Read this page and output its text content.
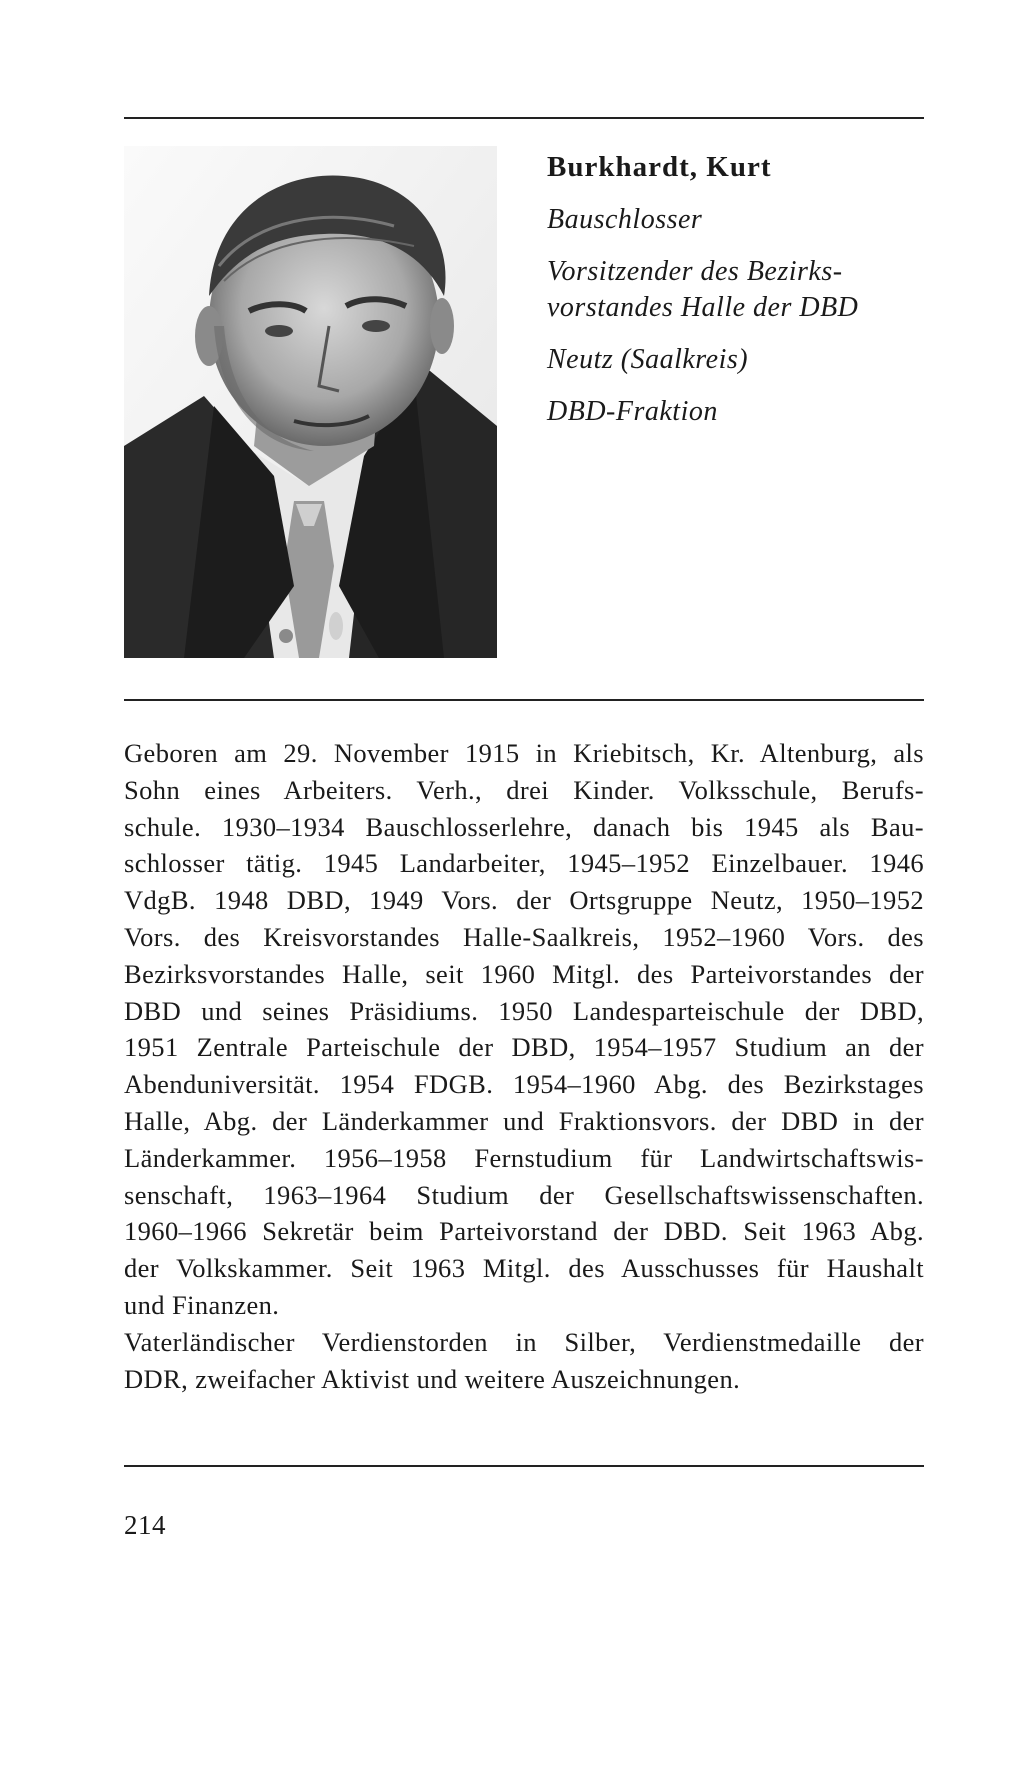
Burkhardt, Kurt
Bauschlosser
Vorsitzender des Bezirks-
vorstandes Halle der DBD
Neutz (Saalkreis)
DBD-Fraktion
Geboren am 29. November 1915 in Kriebitsch, Kr. Altenburg, als
Sohn eines Arbeiters. Verh., drei Kinder. Volksschule, Berufs-
schule. 1930–1934 Bauschlosserlehre, danach bis 1945 als Bau-
schlosser tätig. 1945 Landarbeiter, 1945–1952 Einzelbauer. 1946
VdgB. 1948 DBD, 1949 Vors. der Ortsgruppe Neutz, 1950–1952
Vors. des Kreisvorstandes Halle-Saalkreis, 1952–1960 Vors. des
Bezirksvorstandes Halle, seit 1960 Mitgl. des Parteivorstandes der
DBD und seines Präsidiums. 1950 Landesparteischule der DBD,
1951 Zentrale Parteischule der DBD, 1954–1957 Studium an der
Abenduniversität. 1954 FDGB. 1954–1960 Abg. des Bezirkstages
Halle, Abg. der Länderkammer und Fraktionsvors. der DBD in der
Länderkammer. 1956–1958 Fernstudium für Landwirtschaftswis-
senschaft, 1963–1964 Studium der Gesellschaftswissenschaften.
1960–1966 Sekretär beim Parteivorstand der DBD. Seit 1963 Abg.
der Volkskammer. Seit 1963 Mitgl. des Ausschusses für Haushalt
und Finanzen.
Vaterländischer Verdienstorden in Silber, Verdienstmedaille der
DDR, zweifacher Aktivist und weitere Auszeichnungen.
214
